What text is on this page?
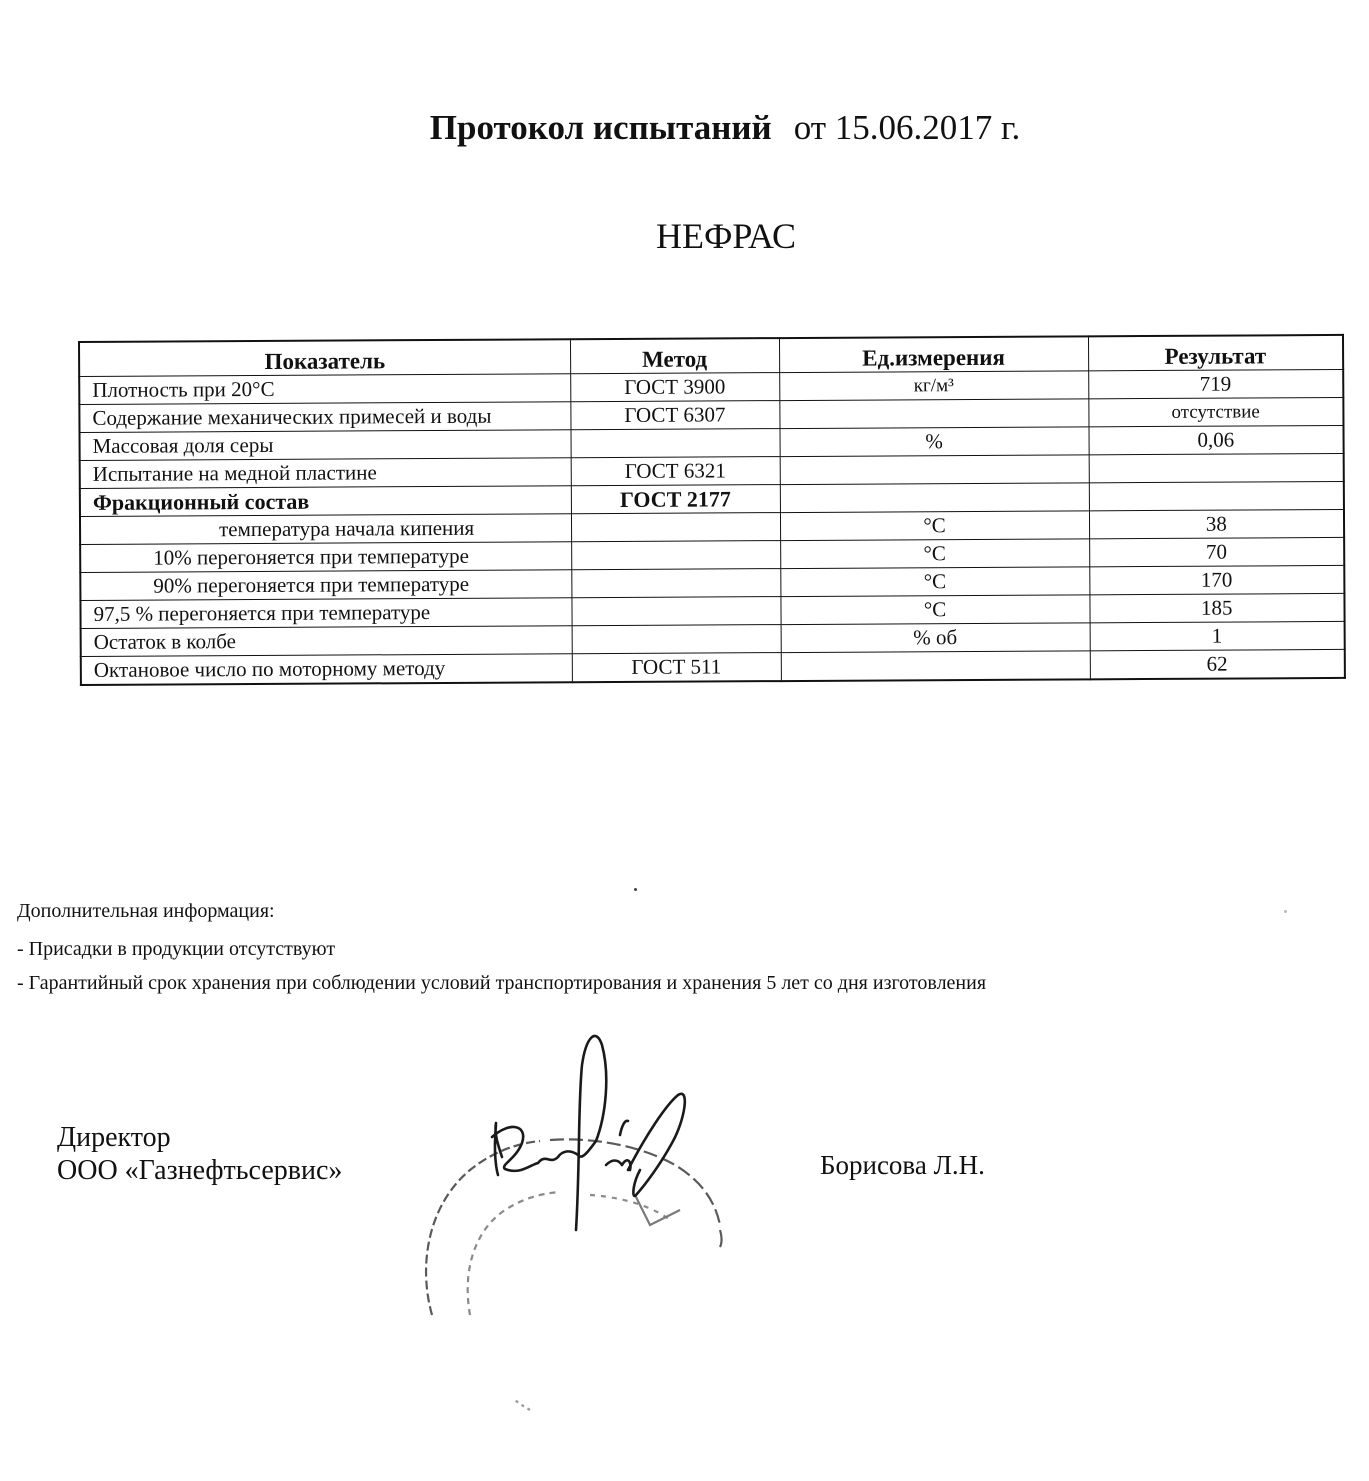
Протокол испытаний от 15.06.2017 г.
НЕФРАС
Показатель	Метод	Ед.измерения	Результат
Плотность при 20°С	ГОСТ 3900	кг/м³	719
Содержание механических примесей и воды	ГОСТ 6307		отсутствие
Массовая доля серы		%	0,06
Испытание на медной пластине	ГОСТ 6321		
Фракционный состав	ГОСТ 2177		
температура начала кипения		°С	38
10% перегоняется при температуре		°С	70
90% перегоняется при температуре		°С	170
97,5 % перегоняется при температуре		°С	185
Остаток в колбе		% об	1
Октановое число по моторному методу	ГОСТ 511		62
Дополнительная информация:
- Присадки в продукции отсутствуют
- Гарантийный срок хранения при соблюдении условий транспортирования и хранения 5 лет со дня изготовления
Директор
ООО «Газнефтьсервис»	Борисова Л.Н.
